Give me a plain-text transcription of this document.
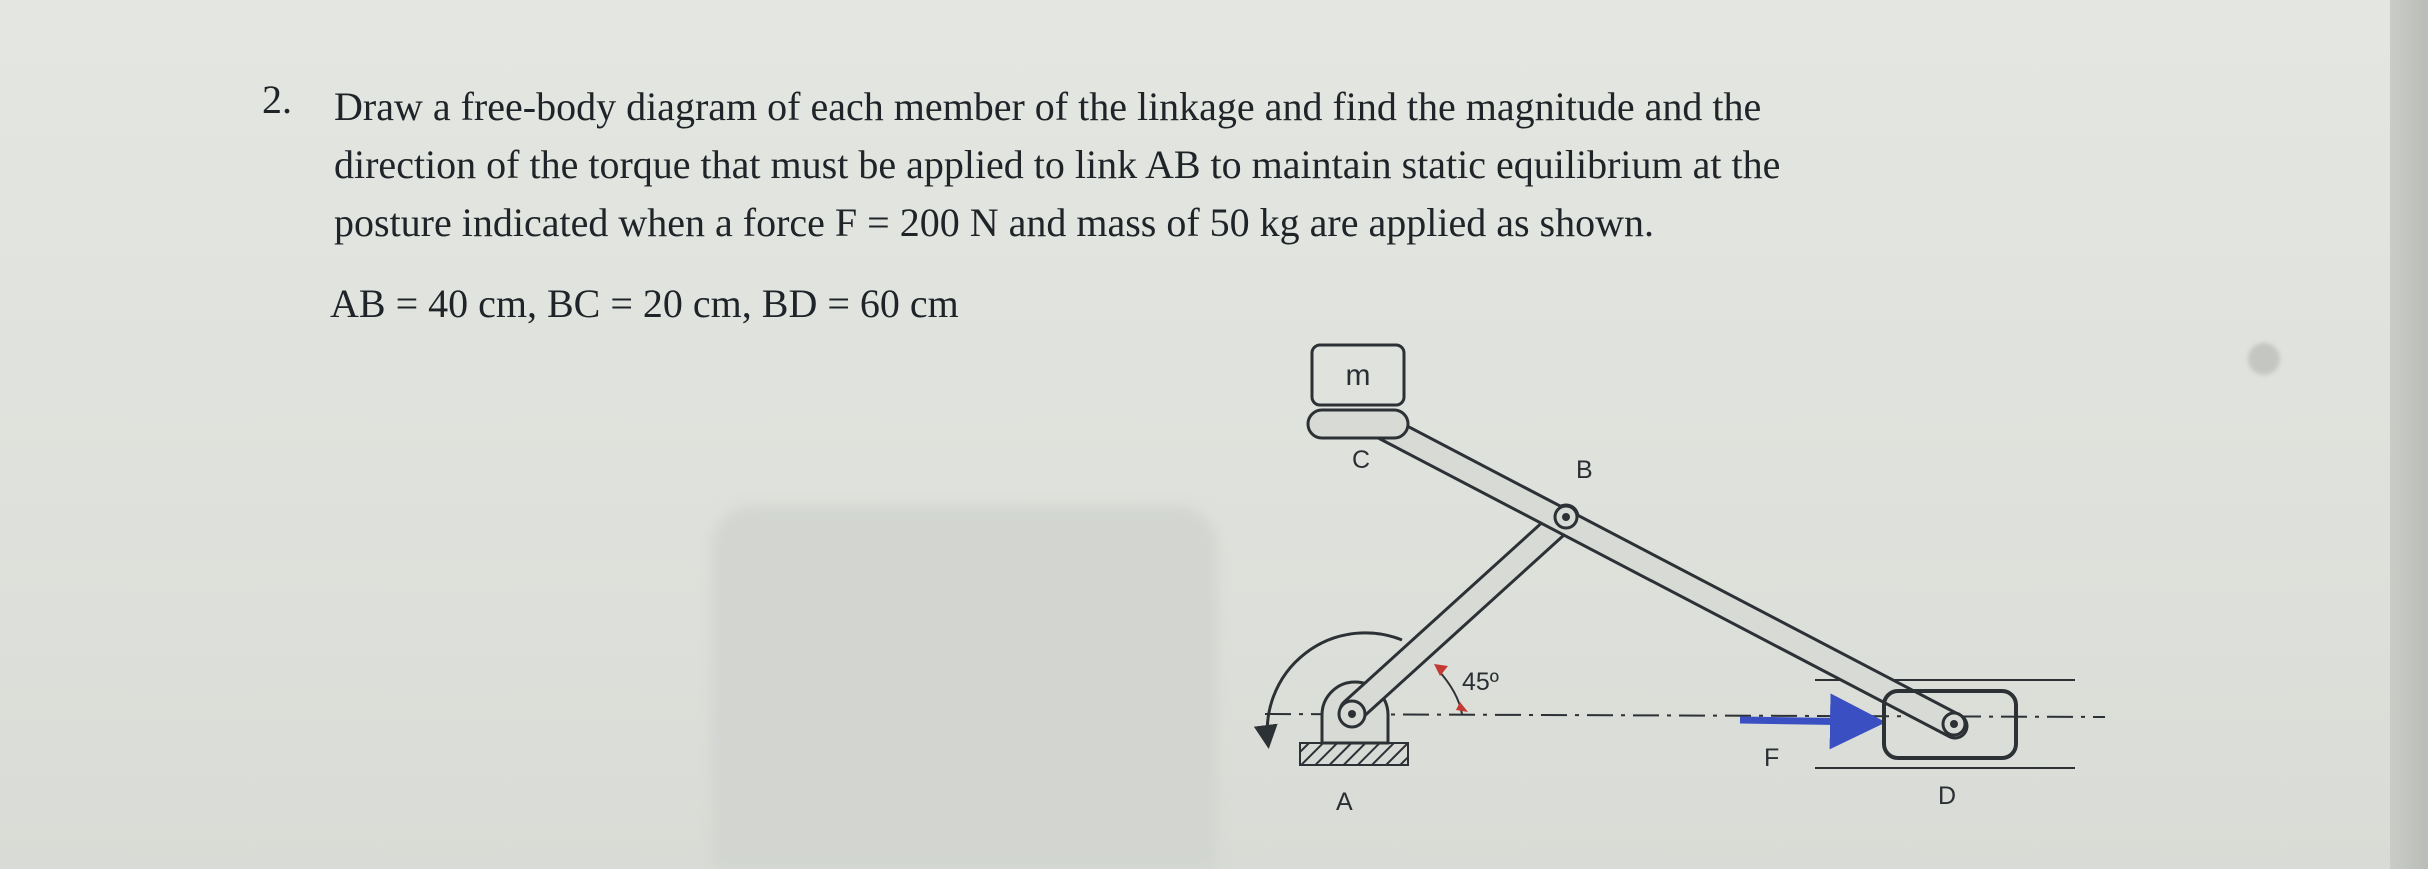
2. Draw a free-body diagram of each member of the linkage and find the magnitude and the
direction of the torque that must be applied to link AB to maintain static equilibrium at the
posture indicated when a force F = 200 N and mass of 50 kg are applied as shown.
AB = 40 cm, BC = 20 cm, BD = 60 cm
m
45º
C	B
A	D
F
